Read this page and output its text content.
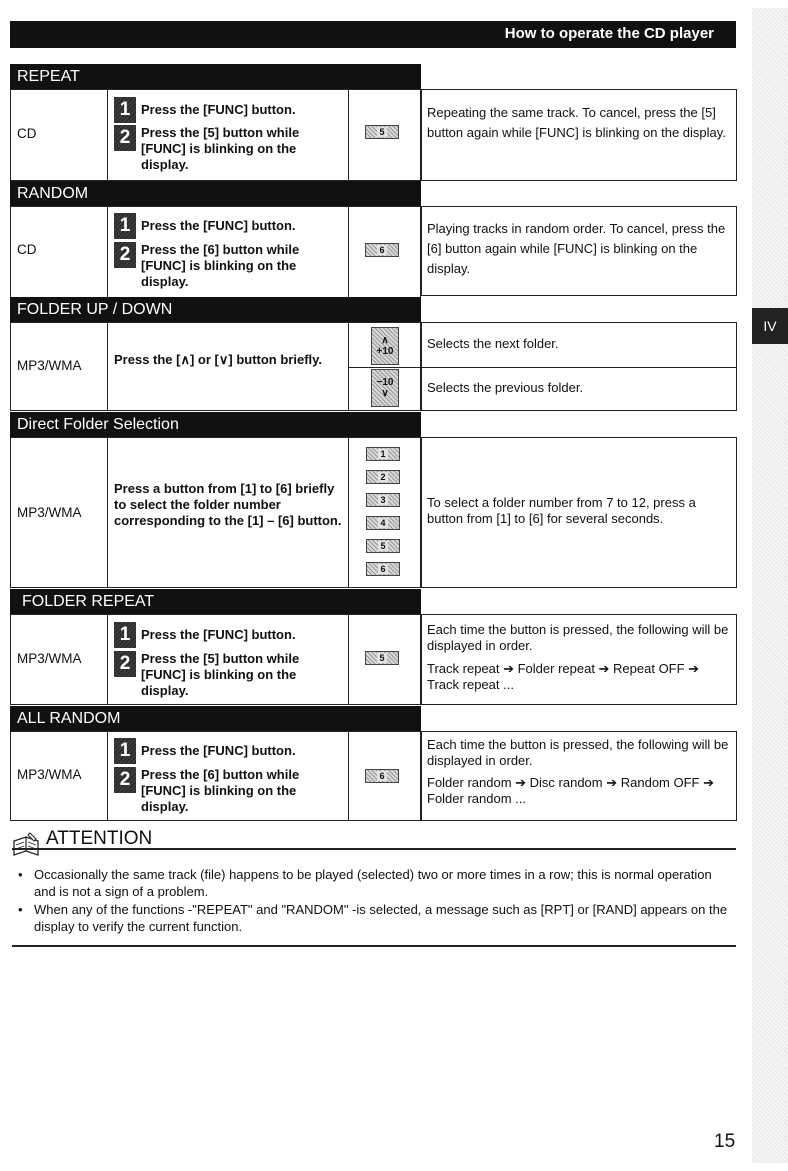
IV
How to operate the CD player
REPEAT
CD
1 Press the [FUNC] button.
2 Press the [5] button while [FUNC] is blinking on the display.
5
Repeating the same track. To cancel, press the [5] button again while [FUNC] is blinking on the display.
RANDOM
CD
1 Press the [FUNC] button.
2 Press the [6] button while [FUNC] is blinking on the display.
6
Playing tracks in random order. To cancel, press the [6] button again while [FUNC] is blinking on the display.
FOLDER UP / DOWN
MP3/WMA Press the [∧] or [∨] button briefly.
∧
+10
−10
∨
Selects the next folder.
Selects the previous folder.
Direct Folder Selection
MP3/WMA
Press a button from [1] to [6] briefly to select the folder number corresponding to the [1] – [6] button.
1
2
3
4
5
6
To select a folder number from 7 to 12, press a button from [1] to [6] for several seconds.
FOLDER REPEAT
MP3/WMA
1 Press the [FUNC] button.
2 Press the [5] button while [FUNC] is blinking on the display.
5
Each time the button is pressed, the following will be displayed in order.
Track repeat ➔ Folder repeat ➔ Repeat OFF ➔ Track repeat ...
ALL RANDOM
MP3/WMA
1 Press the [FUNC] button.
2 Press the [6] button while [FUNC] is blinking on the display.
6
Each time the button is pressed, the following will be displayed in order.
Folder random ➔ Disc random ➔ Random OFF ➔ Folder random ...
ATTENTION
• Occasionally the same track (file) happens to be played (selected) two or more times in a row; this is normal operation and is not a sign of a problem.
• When any of the functions -"REPEAT" and "RANDOM" -is selected, a message such as [RPT] or [RAND] appears on the display to verify the current function.
15
